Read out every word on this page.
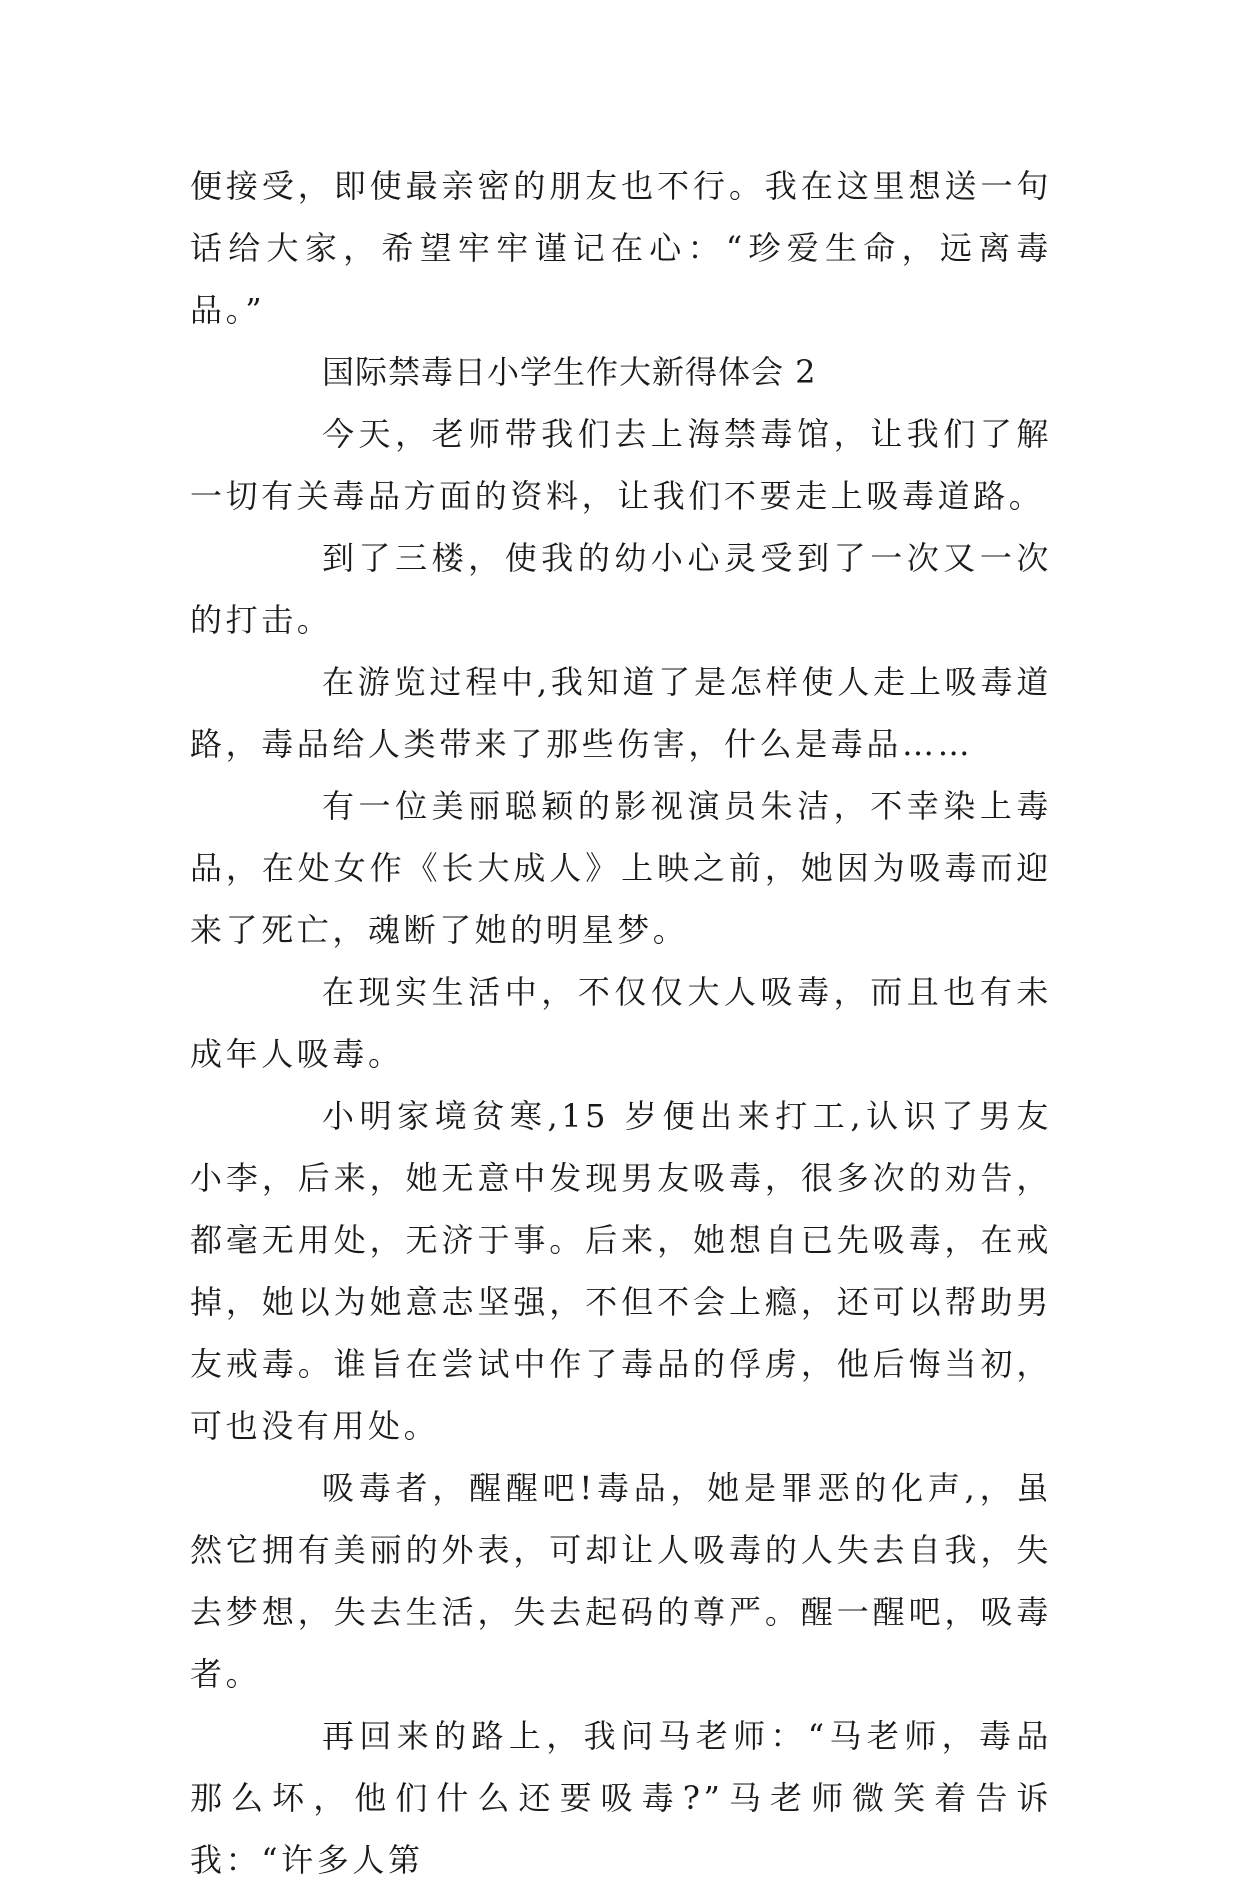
便接受，即使最亲密的朋友也不行。我在这里想送一句话给大家，希望牢牢谨记在心：“珍爱生命，远离毒品。”

国际禁毒日小学生作大新得体会 2

今天，老师带我们去上海禁毒馆，让我们了解一切有关毒品方面的资料，让我们不要走上吸毒道路。

到了三楼，使我的幼小心灵受到了一次又一次的打击。

在游览过程中,我知道了是怎样使人走上吸毒道路，毒品给人类带来了那些伤害，什么是毒品……

有一位美丽聪颖的影视演员朱洁，不幸染上毒品，在处女作《长大成人》上映之前，她因为吸毒而迎来了死亡，魂断了她的明星梦。

在现实生活中，不仅仅大人吸毒，而且也有未成年人吸毒。

小明家境贫寒,15 岁便出来打工,认识了男友小李，后来，她无意中发现男友吸毒，很多次的劝告，都毫无用处，无济于事。后来，她想自已先吸毒，在戒掉，她以为她意志坚强，不但不会上瘾，还可以帮助男友戒毒。谁旨在尝试中作了毒品的俘虏，他后悔当初，可也没有用处。

吸毒者，醒醒吧!毒品，她是罪恶的化声,，虽然它拥有美丽的外表，可却让人吸毒的人失去自我，失去梦想，失去生活，失去起码的尊严。醒一醒吧，吸毒者。

再回来的路上，我问马老师：“马老师，毒品那么坏，他们什么还要吸毒?”马老师微笑着告诉我：“许多人第
